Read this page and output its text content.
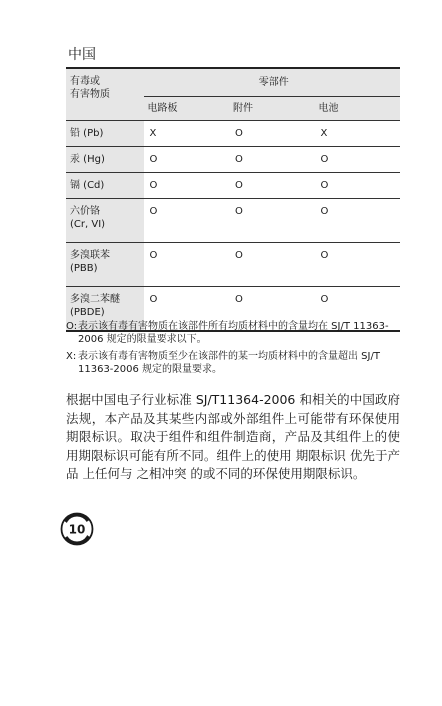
中国
有毒或
有害物质	零部件		
	电路板	附件	电池
铅 (Pb)	X	O	X
汞 (Hg)	O	O	O
镉 (Cd)	O	O	O

六价铬
(Cr, VI)	O	O	O

多溴联苯
(PBB)	O	O	O

多溴二苯醚
(PBDE)	O	O	O
O: 表示该有毒有害物质在该部件所有均质材料中的含量均在 SJ/T 11363-2006 规定的限量要求以下。
X: 表示该有毒有害物质至少在该部件的某一均质材料中的含量超出 SJ/T 11363-2006 规定的限量要求。
根据中国电子行业标准 SJ/T11364-2006 和相关的中国政府法规，本产品及其某些内部或外部组件上可能带有环保使用期限标识。取决于组件和组件制造商，产品及其组件上的使用期限标识可能有所不同。组件上的使用 期限标识 优先于产品 上任何与 之相冲突 的或不同的环保使用期限标识。
10
